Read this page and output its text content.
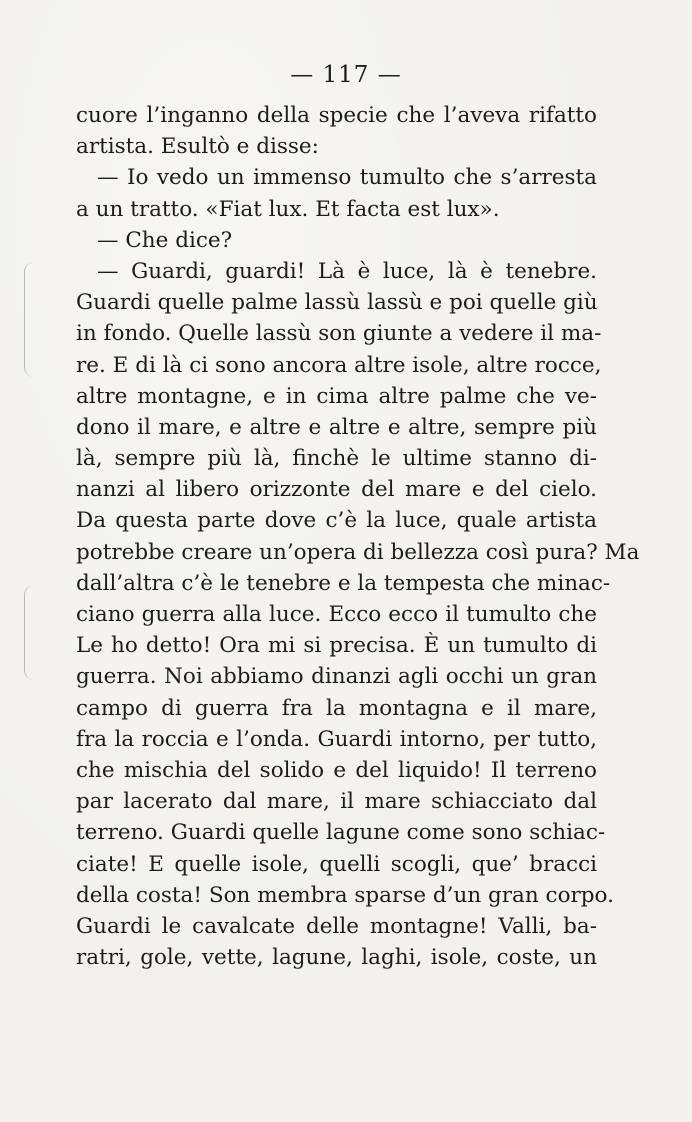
— 117 —
cuore l’inganno della specie che l’aveva rifatto
artista. Esultò e disse:
— Io vedo un immenso tumulto che s’arresta
a un tratto. «Fiat lux. Et facta est lux».
— Che dice?
— Guardi, guardi! Là è luce, là è tenebre.
Guardi quelle palme lassù lassù e poi quelle giù
in fondo. Quelle lassù son giunte a vedere il ma-
re. E di là ci sono ancora altre isole, altre rocce,
altre montagne, e in cima altre palme che ve-
dono il mare, e altre e altre e altre, sempre più
là, sempre più là, finchè le ultime stanno di-
nanzi al libero orizzonte del mare e del cielo.
Da questa parte dove c’è la luce, quale artista
potrebbe creare un’opera di bellezza così pura? Ma
dall’altra c’è le tenebre e la tempesta che minac-
ciano guerra alla luce. Ecco ecco il tumulto che
Le ho detto! Ora mi si precisa. È un tumulto di
guerra. Noi abbiamo dinanzi agli occhi un gran
campo di guerra fra la montagna e il mare,
fra la roccia e l’onda. Guardi intorno, per tutto,
che mischia del solido e del liquido! Il terreno
par lacerato dal mare, il mare schiacciato dal
terreno. Guardi quelle lagune come sono schiac-
ciate! E quelle isole, quelli scogli, que’ bracci
della costa! Son membra sparse d’un gran corpo.
Guardi le cavalcate delle montagne! Valli, ba-
ratri, gole, vette, lagune, laghi, isole, coste, un
